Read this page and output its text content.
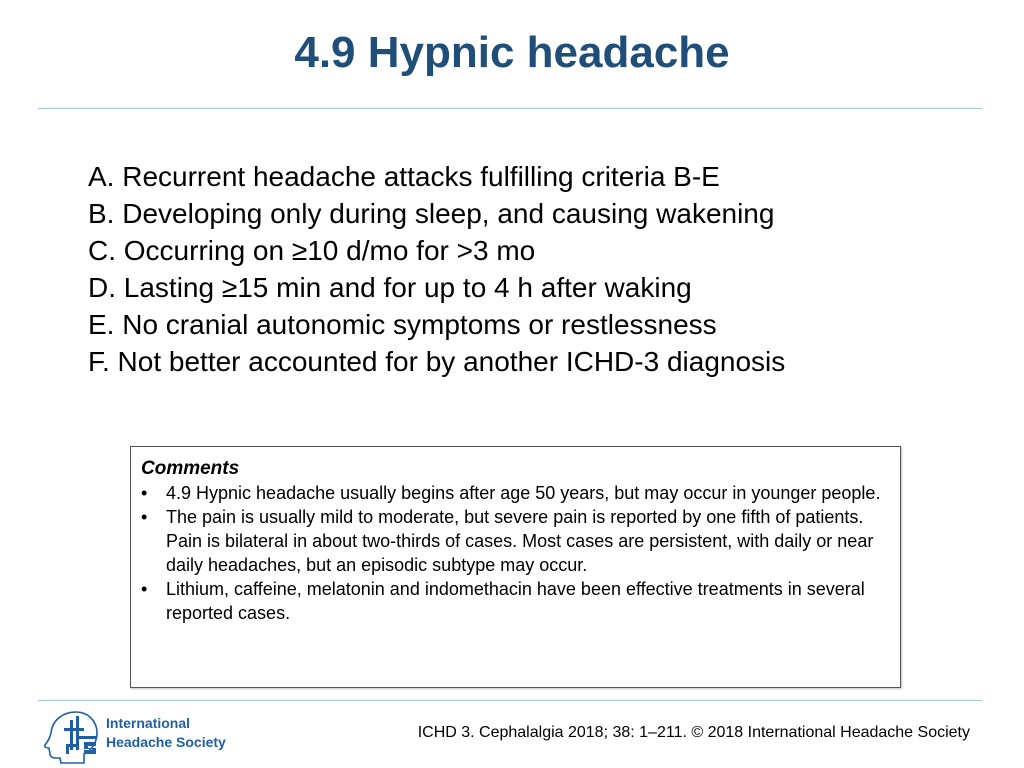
4.9 Hypnic headache
A. Recurrent headache attacks fulfilling criteria B-E
B. Developing only during sleep, and causing wakening
C. Occurring on ≥10 d/mo for >3 mo
D. Lasting ≥15 min and for up to 4 h after waking
E. No cranial autonomic symptoms or restlessness
F. Not better accounted for by another ICHD-3 diagnosis
Comments
• 4.9 Hypnic headache usually begins after age 50 years, but may occur in younger people.
• The pain is usually mild to moderate, but severe pain is reported by one fifth of patients. Pain is bilateral in about two-thirds of cases. Most cases are persistent, with daily or near daily headaches, but an episodic subtype may occur.
• Lithium, caffeine, melatonin and indomethacin have been effective treatments in several reported cases.
International
Headache Society
ICHD 3. Cephalalgia 2018; 38: 1–211. © 2018 International Headache Society
